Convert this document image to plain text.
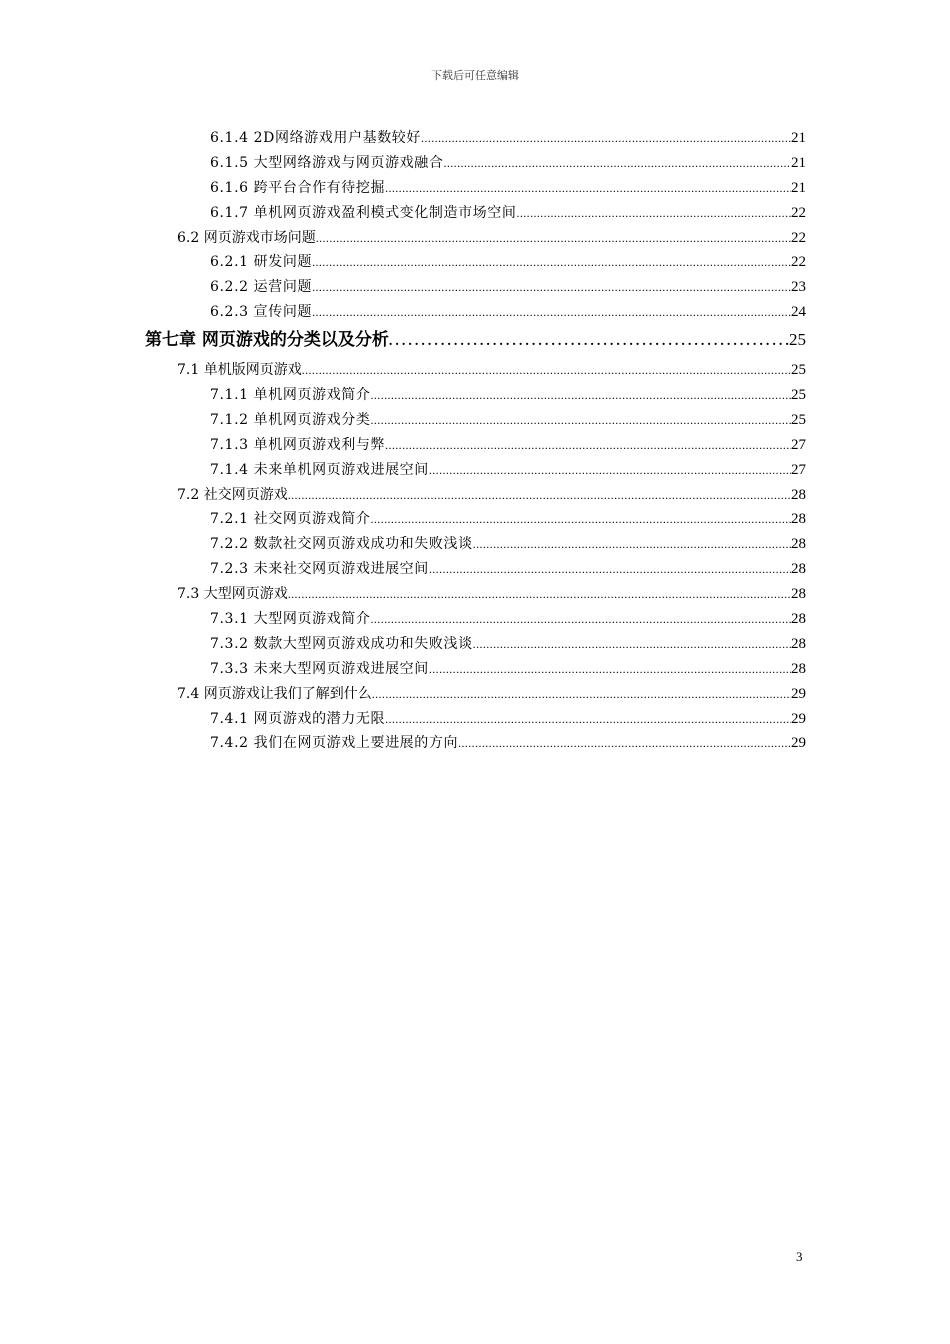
下载后可任意编辑
6.1.4 2D网络游戏用户基数较好 .....	21
6.1.5 大型网络游戏与网页游戏融合 .....	21
6.1.6 跨平台合作有待挖掘 .....	21
6.1.7 单机网页游戏盈利模式变化制造市场空间 .....	22
6.2 网页游戏市场问题 .....	22
6.2.1 研发问题 .....	22
6.2.2 运营问题 .....	23
6.2.3 宣传问题 .....	24
第七章 网页游戏的分类以及分析 .....	25
7.1 单机版网页游戏 .....	25
7.1.1 单机网页游戏简介 .....	25
7.1.2 单机网页游戏分类 .....	25
7.1.3 单机网页游戏利与弊 .....	27
7.1.4 未来单机网页游戏进展空间 .....	27
7.2 社交网页游戏 .....	28
7.2.1 社交网页游戏简介 .....	28
7.2.2 数款社交网页游戏成功和失败浅谈 .....	28
7.2.3 未来社交网页游戏进展空间 .....	28
7.3 大型网页游戏 .....	28
7.3.1 大型网页游戏简介 .....	28
7.3.2 数款大型网页游戏成功和失败浅谈 .....	28
7.3.3 未来大型网页游戏进展空间 .....	28
7.4 网页游戏让我们了解到什么 .....	29
7.4.1 网页游戏的潜力无限 .....	29
7.4.2 我们在网页游戏上要进展的方向 .....	29
3
